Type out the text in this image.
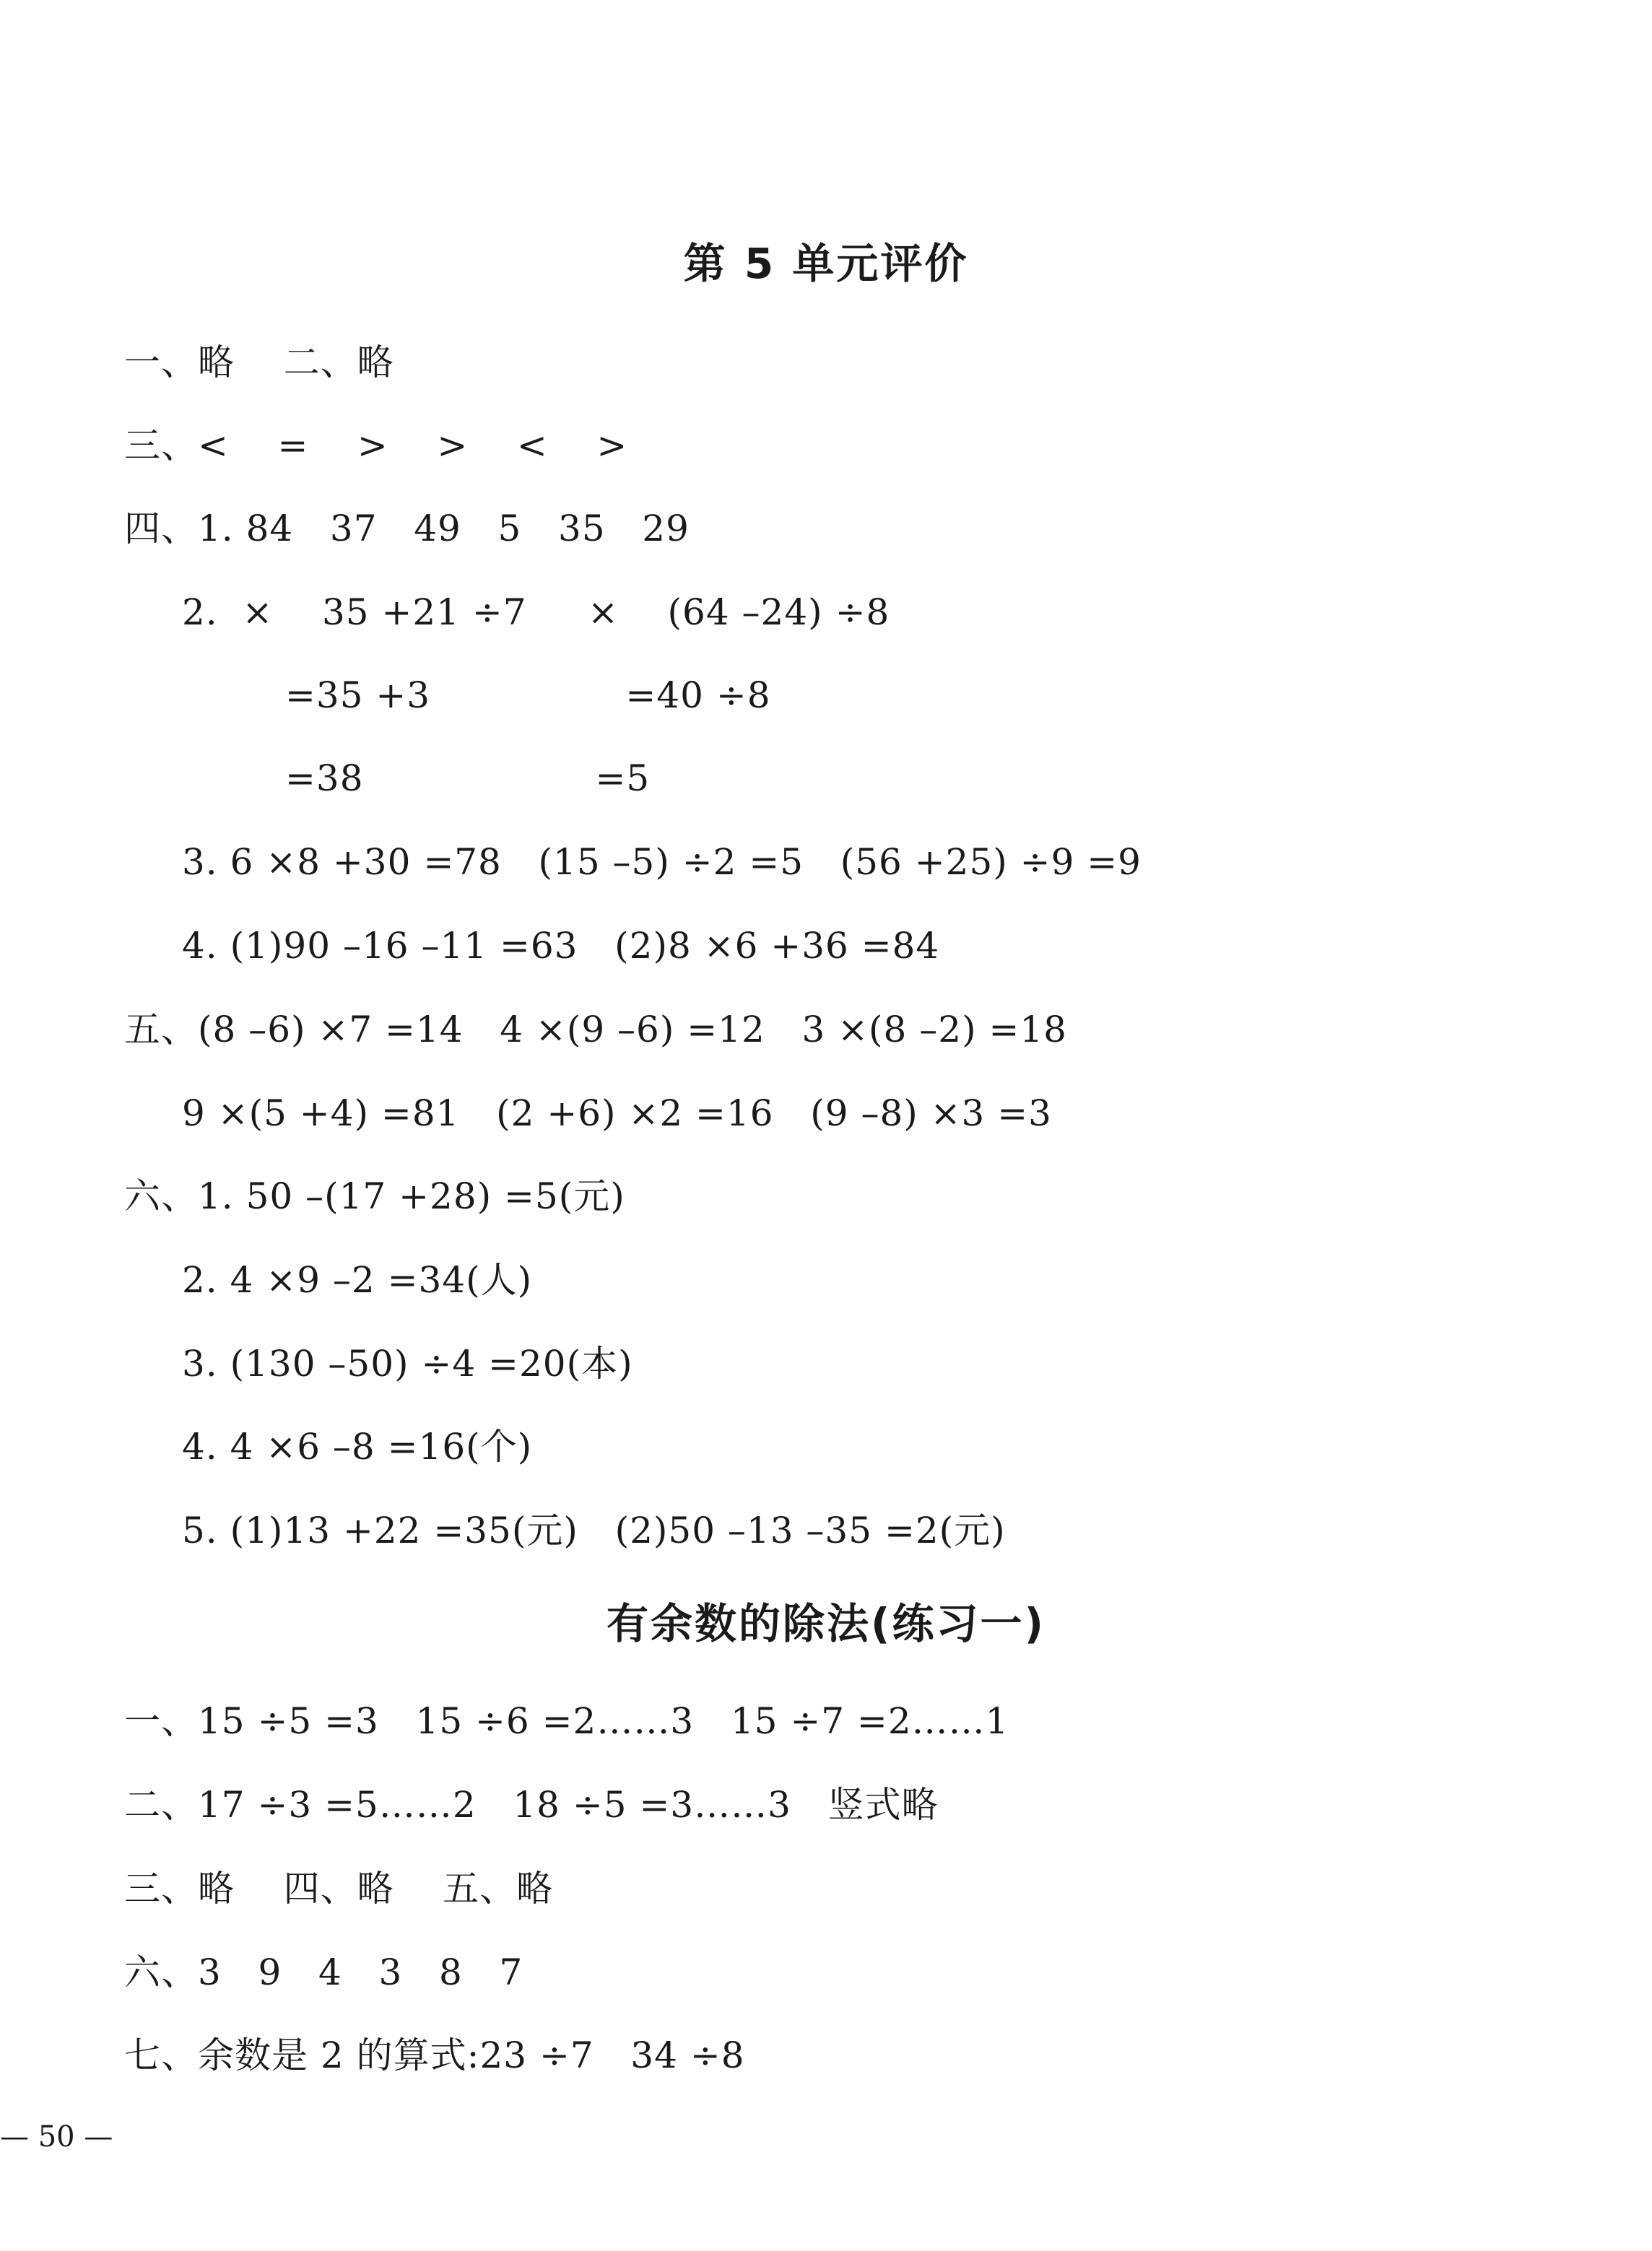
第 5 单元评价
一、略    二、略
三、<    =    >    >    <    >
四、1. 84   37   49   5   35   29
2.  ×    35 +21 ÷7     ×    (64 –24) ÷8
=35 +3                =40 ÷8
=38                   =5
3. 6 ×8 +30 =78   (15 –5) ÷2 =5   (56 +25) ÷9 =9
4. (1)90 –16 –11 =63   (2)8 ×6 +36 =84
五、(8 –6) ×7 =14   4 ×(9 –6) =12   3 ×(8 –2) =18
9 ×(5 +4) =81   (2 +6) ×2 =16   (9 –8) ×3 =3
六、1. 50 –(17 +28) =5(元)
2. 4 ×9 –2 =34(人)
3. (130 –50) ÷4 =20(本)
4. 4 ×6 –8 =16(个)
5. (1)13 +22 =35(元)   (2)50 –13 –35 =2(元)
有余数的除法(练习一)
一、15 ÷5 =3   15 ÷6 =2……3   15 ÷7 =2……1
二、17 ÷3 =5……2   18 ÷5 =3……3   竖式略
三、略    四、略    五、略
六、3   9   4   3   8   7
七、余数是 2 的算式:23 ÷7   34 ÷8
— 50 —
